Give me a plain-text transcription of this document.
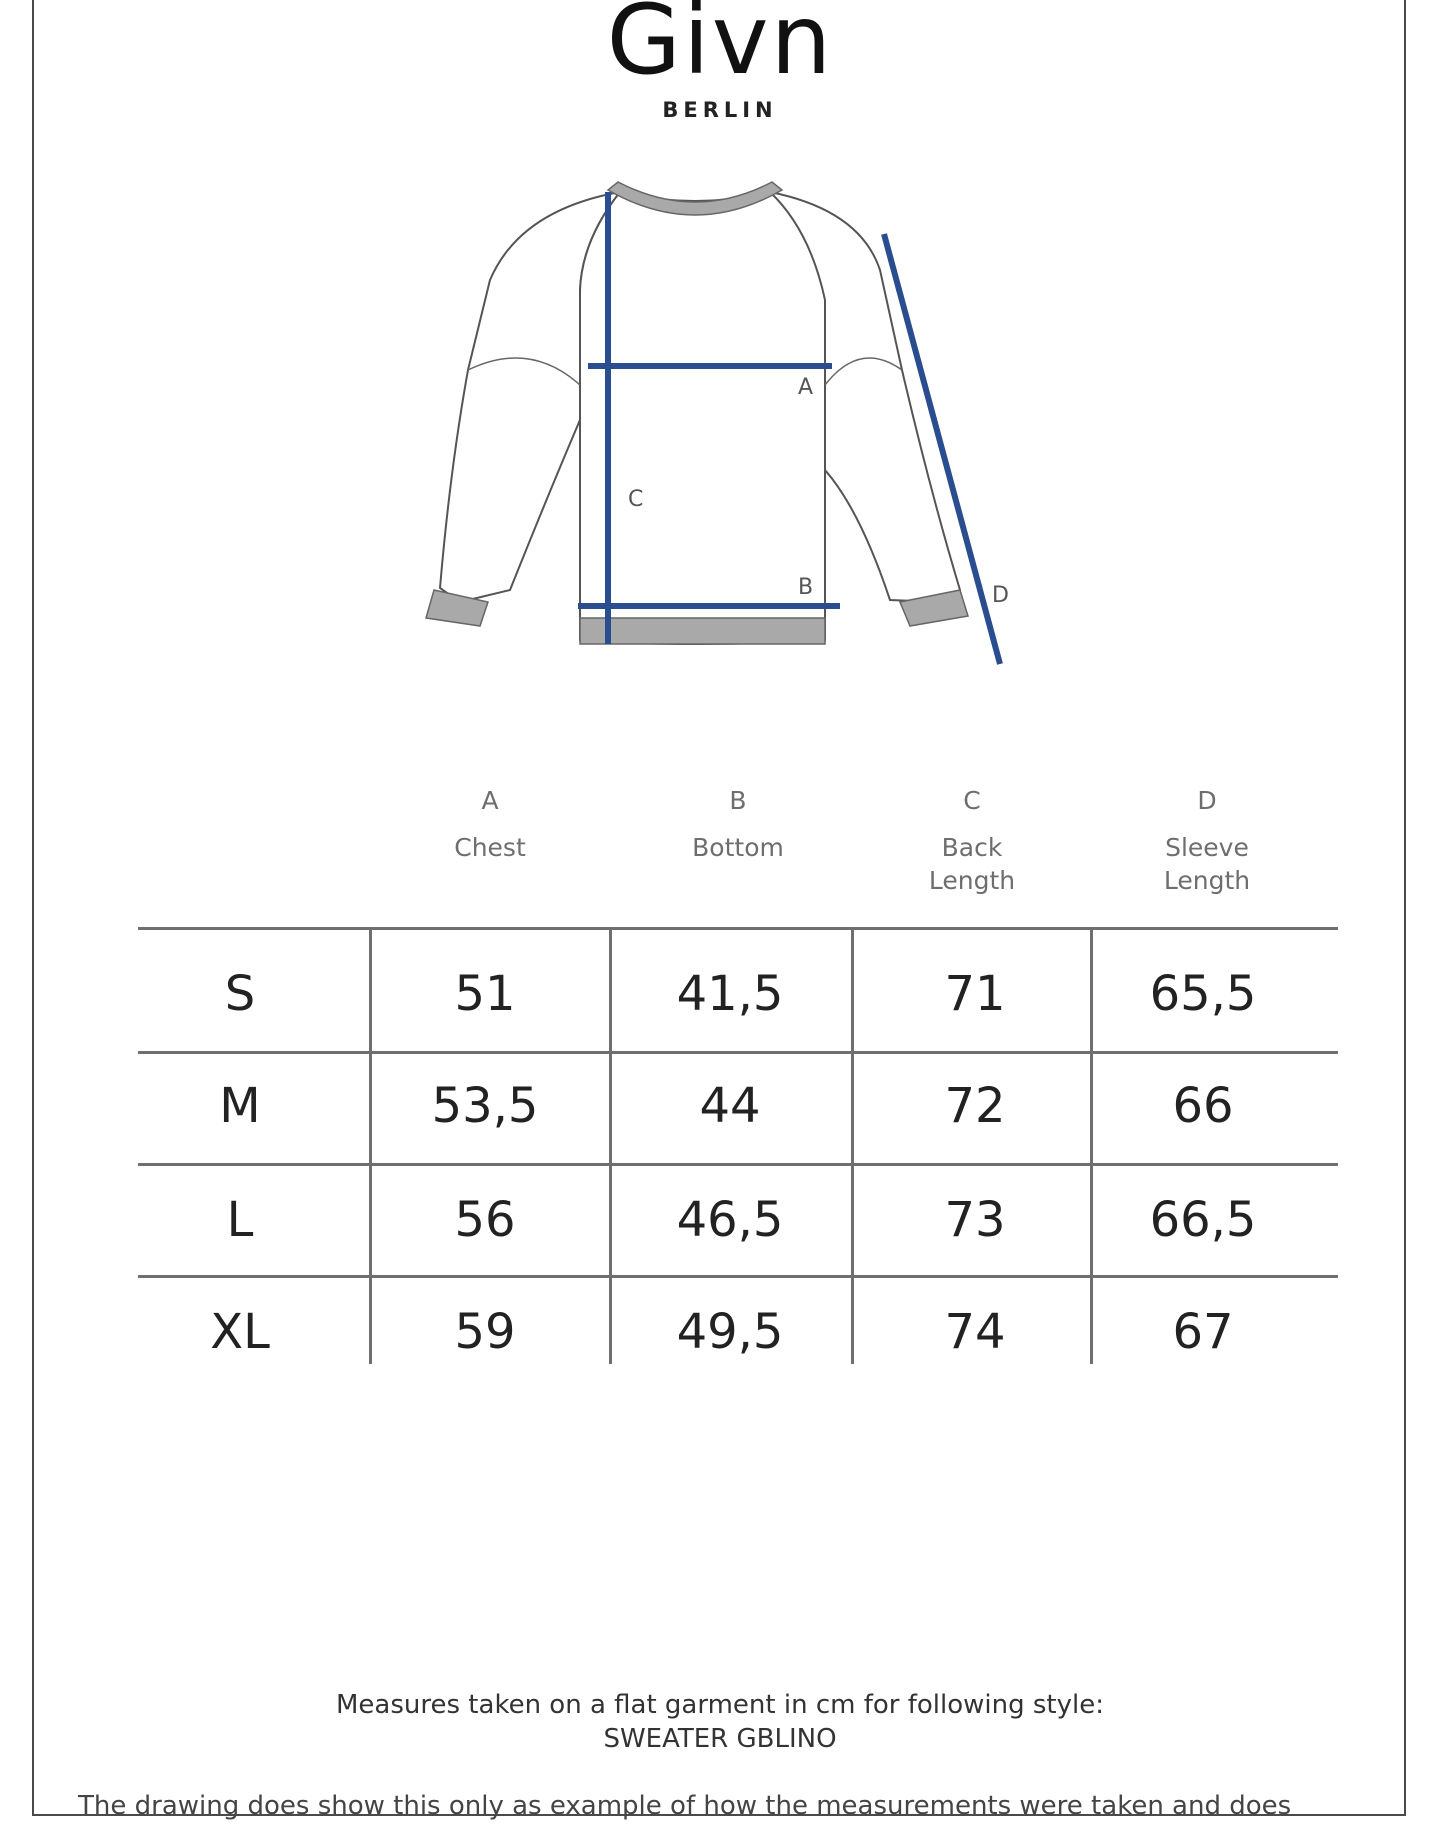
Givn
BERLIN
A
B
C
D
A
Chest
B
Bottom
C
Back
Length
D
Sleeve
Length
S	51	41,5	71	65,5
M	53,5	44	72	66
L	56	46,5	73	66,5
XL	59	49,5	74	67
Measures taken on a flat garment in cm for following style:
SWEATER GBLINO
The drawing does show this only as example of how the measurements were taken and does
